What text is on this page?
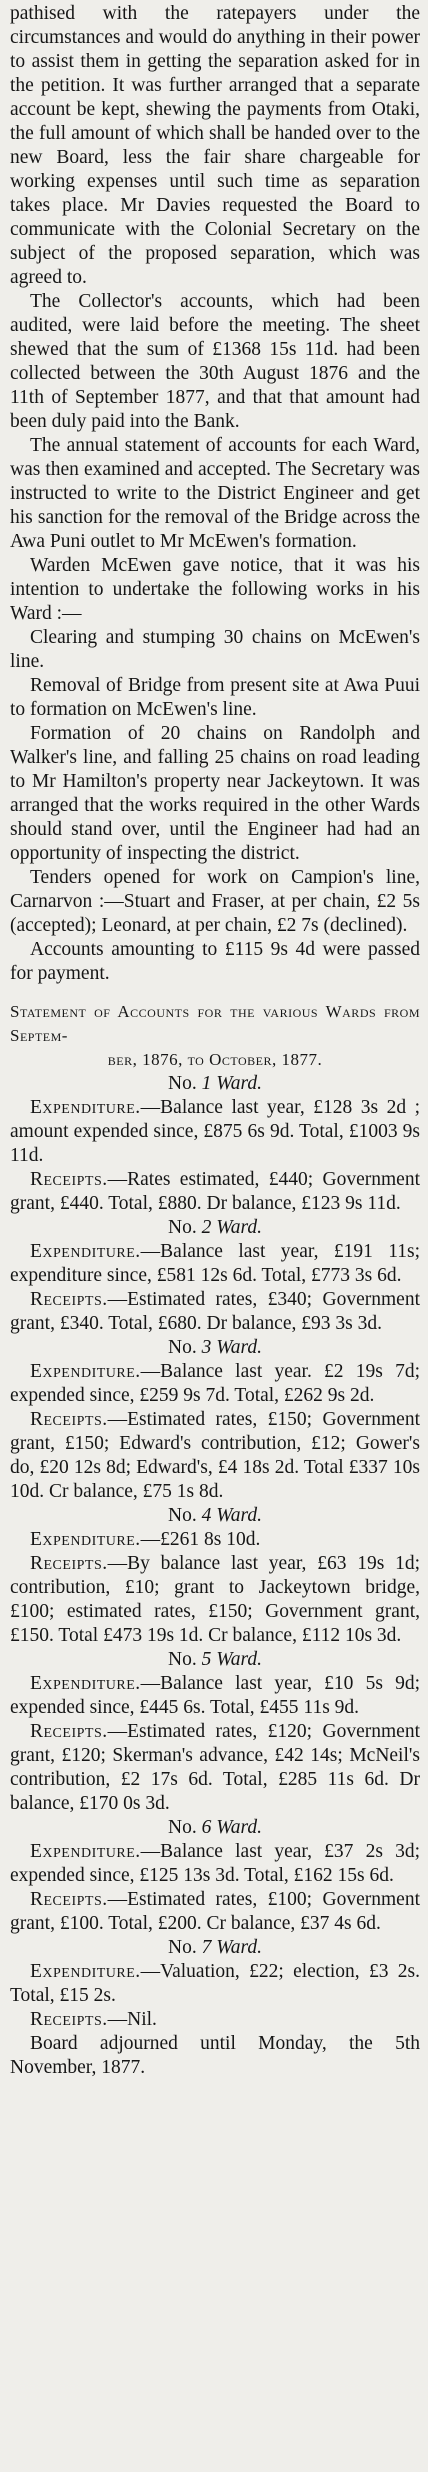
pathised with the ratepayers under the circumstances and would do anything in their power to assist them in getting the separation asked for in the petition. It was further arranged that a separate account be kept, shewing the payments from Otaki, the full amount of which shall be handed over to the new Board, less the fair share chargeable for working expenses until such time as separation takes place. Mr Davies requested the Board to communicate with the Colonial Secretary on the subject of the proposed separation, which was agreed to.

The Collector's accounts, which had been audited, were laid before the meeting. The sheet shewed that the sum of £1368 15s 11d. had been collected between the 30th August 1876 and the 11th of September 1877, and that that amount had been duly paid into the Bank.

The annual statement of accounts for each Ward, was then examined and accepted. The Secretary was instructed to write to the District Engineer and get his sanction for the removal of the Bridge across the Awa Puni outlet to Mr McEwen's formation.

Warden McEwen gave notice, that it was his intention to undertake the following works in his Ward :—

Clearing and stumping 30 chains on McEwen's line.

Removal of Bridge from present site at Awa Puui to formation on McEwen's line.

Formation of 20 chains on Randolph and Walker's line, and falling 25 chains on road leading to Mr Hamilton's property near Jackeytown. It was arranged that the works required in the other Wards should stand over, until the Engineer had had an opportunity of inspecting the district.

Tenders opened for work on Campion's line, Carnarvon :—Stuart and Fraser, at per chain, £2 5s (accepted); Leonard, at per chain, £2 7s (declined).

Accounts amounting to £115 9s 4d were passed for payment.

Statement of Accounts for the various Wards from Septem-
ber, 1876, to October, 1877.

No. 1 Ward.

Expenditure.—Balance last year, £128 3s 2d ; amount expended since, £875 6s 9d. Total, £1003 9s 11d.

Receipts.—Rates estimated, £440; Government grant, £440. Total, £880. Dr balance, £123 9s 11d.

No. 2 Ward.

Expenditure.—Balance last year, £191 11s; expenditure since, £581 12s 6d. Total, £773 3s 6d.

Receipts.—Estimated rates, £340; Government grant, £340. Total, £680. Dr balance, £93 3s 3d.

No. 3 Ward.

Expenditure.—Balance last year. £2 19s 7d; expended since, £259 9s 7d. Total, £262 9s 2d.

Receipts.—Estimated rates, £150; Government grant, £150; Edward's contribution, £12; Gower's do, £20 12s 8d; Edward's, £4 18s 2d. Total £337 10s 10d. Cr balance, £75 1s 8d.

No. 4 Ward.

Expenditure.—£261 8s 10d.

Receipts.—By balance last year, £63 19s 1d; contribution, £10; grant to Jackeytown bridge, £100; estimated rates, £150; Government grant, £150. Total £473 19s 1d. Cr balance, £112 10s 3d.

No. 5 Ward.

Expenditure.—Balance last year, £10 5s 9d; expended since, £445 6s. Total, £455 11s 9d.

Receipts.—Estimated rates, £120; Government grant, £120; Skerman's advance, £42 14s; McNeil's contribution, £2 17s 6d. Total, £285 11s 6d. Dr balance, £170 0s 3d.

No. 6 Ward.

Expenditure.—Balance last year, £37 2s 3d; expended since, £125 13s 3d. Total, £162 15s 6d.

Receipts.—Estimated rates, £100; Government grant, £100. Total, £200. Cr balance, £37 4s 6d.

No. 7 Ward.

Expenditure.—Valuation, £22; election, £3 2s. Total, £15 2s.

Receipts.—Nil.

Board adjourned until Monday, the 5th November, 1877.
